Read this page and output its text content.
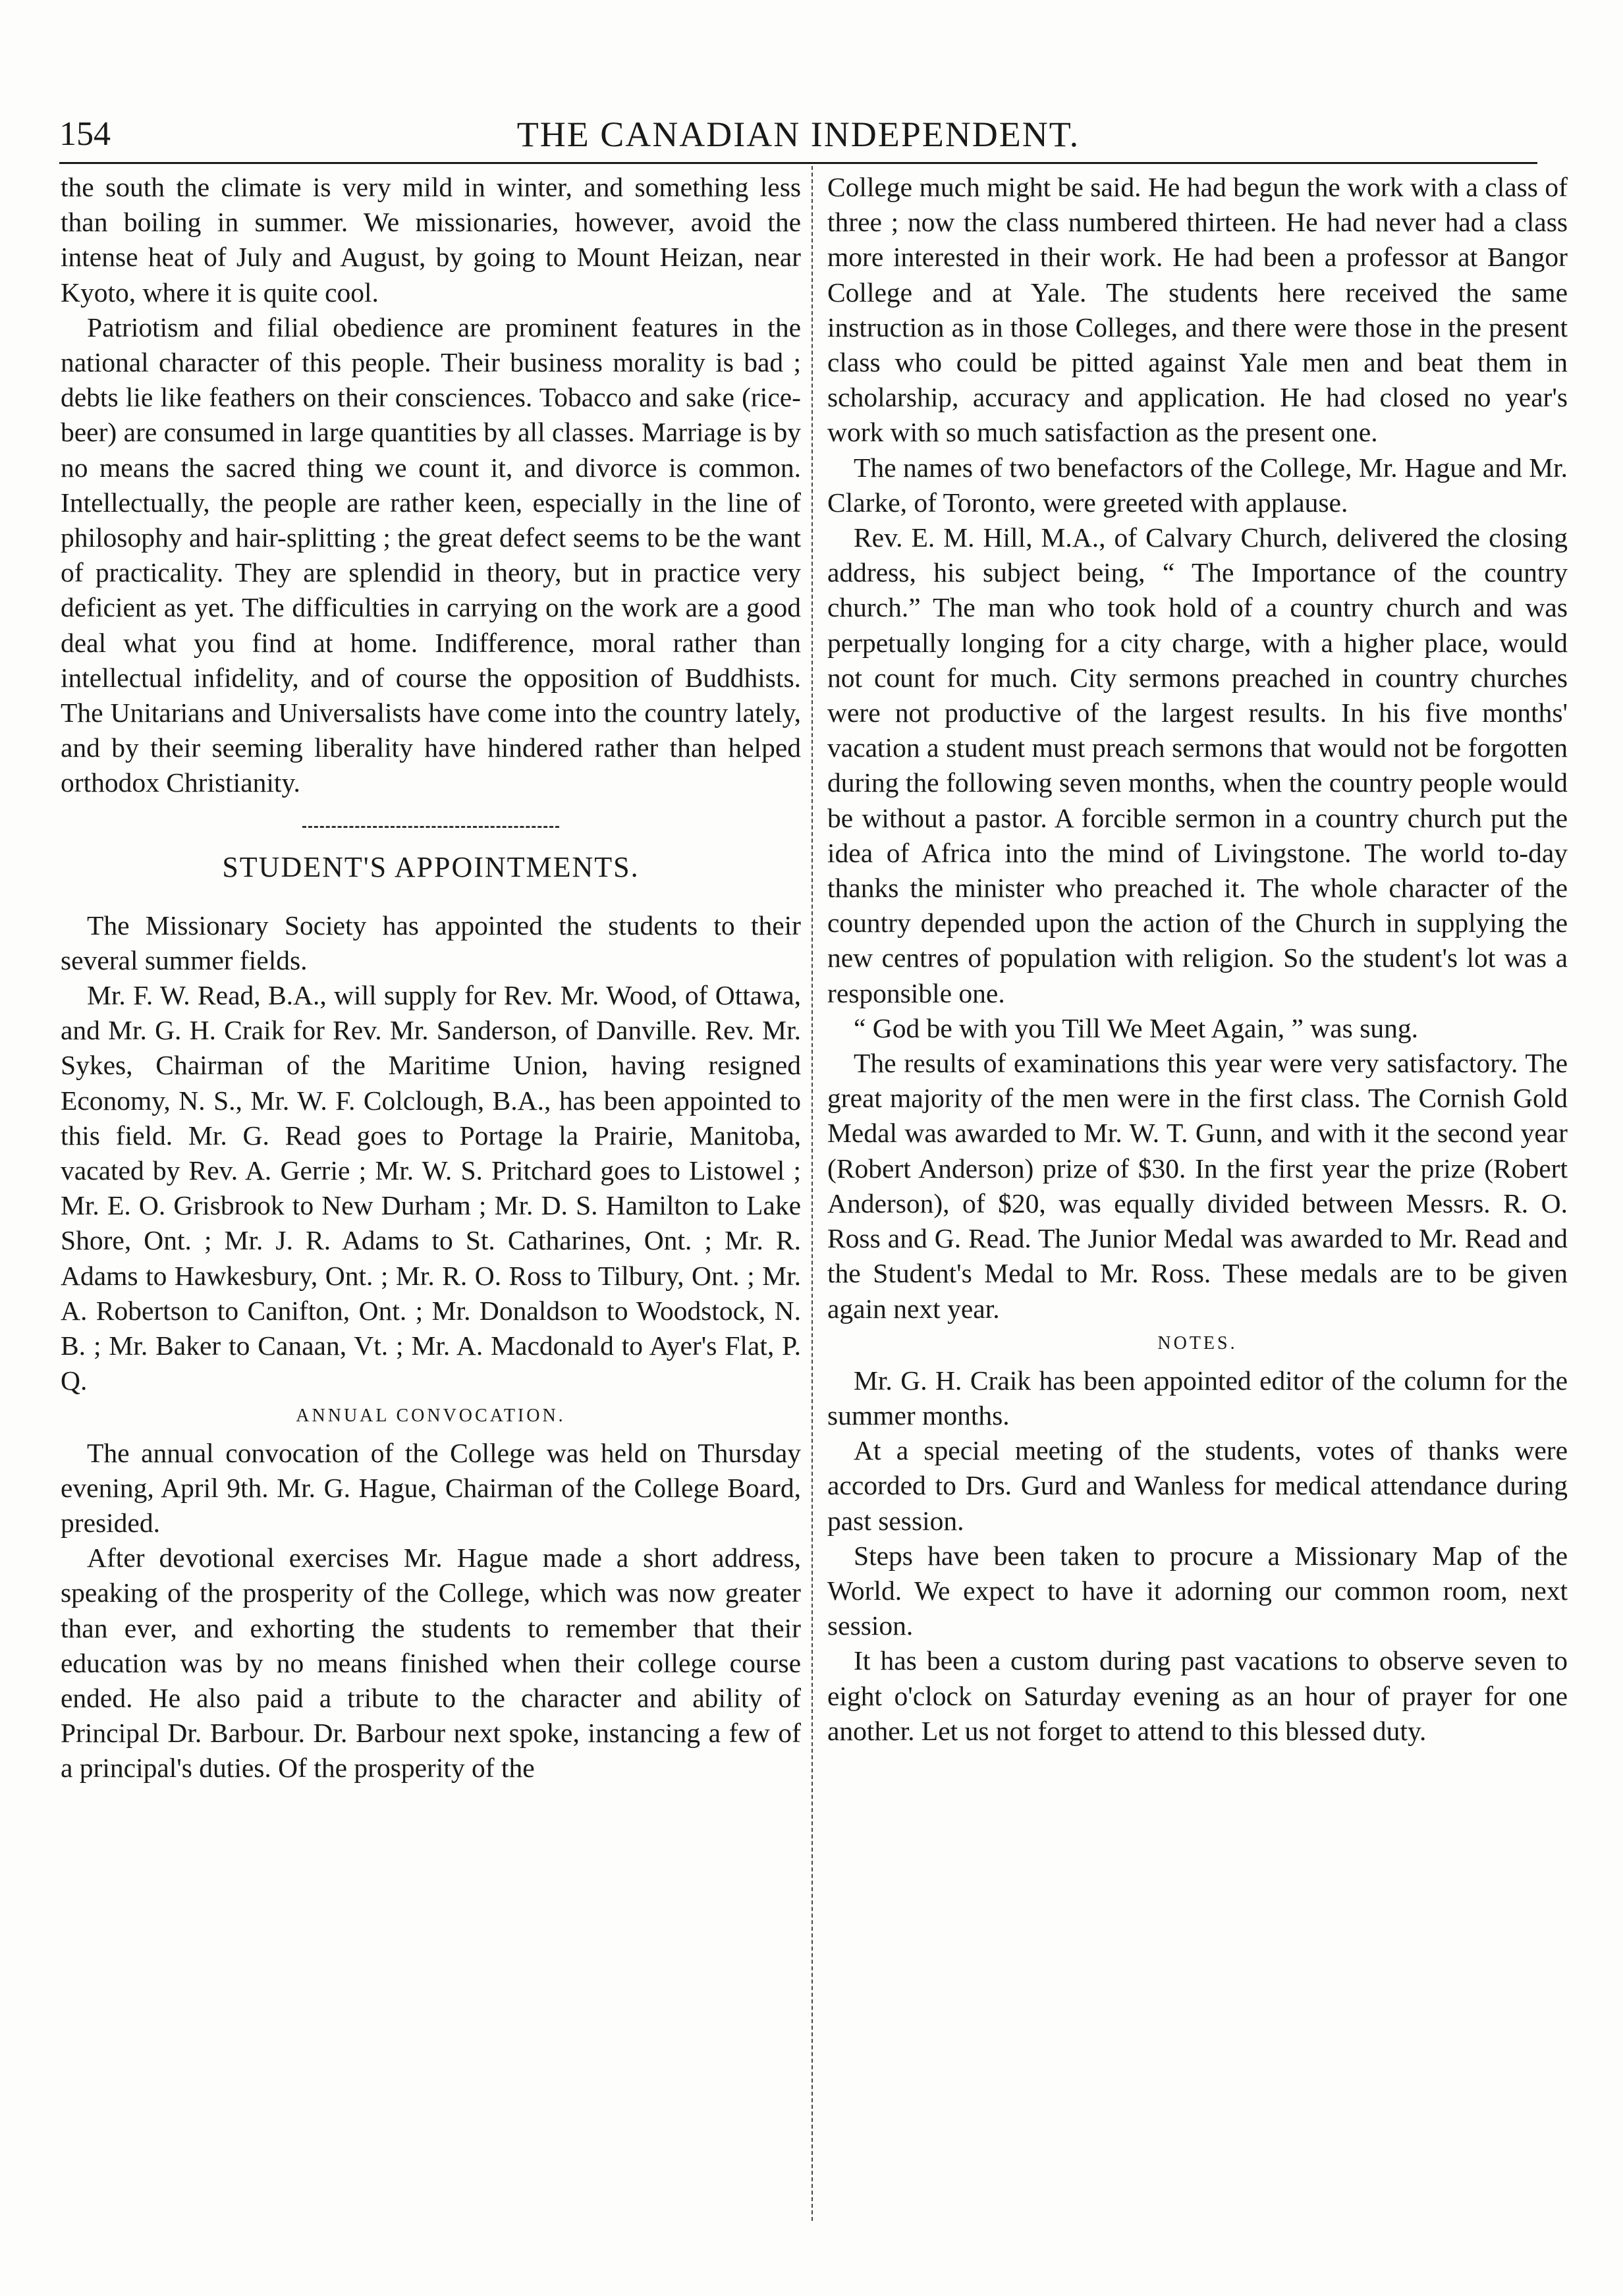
154	THE CANADIAN INDEPENDENT.

the south the climate is very mild in winter, and something less than boiling in summer. We missionaries, however, avoid the intense heat of July and August, by going to Mount Heizan, near Kyoto, where it is quite cool.

Patriotism and filial obedience are prominent features in the national character of this people. Their business morality is bad ; debts lie like feathers on their consciences. Tobacco and sake (rice-beer) are consumed in large quantities by all classes. Marriage is by no means the sacred thing we count it, and divorce is common. Intellectually, the people are rather keen, especially in the line of philosophy and hair-splitting ; the great defect seems to be the want of practicality. They are splendid in theory, but in practice very deficient as yet. The difficulties in carrying on the work are a good deal what you find at home. Indifference, moral rather than intellectual infidelity, and of course the opposition of Buddhists. The Unitarians and Universalists have come into the country lately, and by their seeming liberality have hindered rather than helped orthodox Christianity.

STUDENT'S APPOINTMENTS.

The Missionary Society has appointed the students to their several summer fields.

Mr. F. W. Read, B.A., will supply for Rev. Mr. Wood, of Ottawa, and Mr. G. H. Craik for Rev. Mr. Sanderson, of Danville. Rev. Mr. Sykes, Chairman of the Maritime Union, having resigned Economy, N. S., Mr. W. F. Colclough, B.A., has been appointed to this field. Mr. G. Read goes to Portage la Prairie, Manitoba, vacated by Rev. A. Gerrie ; Mr. W. S. Pritchard goes to Listowel ; Mr. E. O. Grisbrook to New Durham ; Mr. D. S. Hamilton to Lake Shore, Ont. ; Mr. J. R. Adams to St. Catharines, Ont. ; Mr. R. Adams to Hawkesbury, Ont. ; Mr. R. O. Ross to Tilbury, Ont. ; Mr. A. Robertson to Canifton, Ont. ; Mr. Donaldson to Woodstock, N. B. ; Mr. Baker to Canaan, Vt. ; Mr. A. Macdonald to Ayer's Flat, P. Q.

ANNUAL CONVOCATION.

The annual convocation of the College was held on Thursday evening, April 9th. Mr. G. Hague, Chairman of the College Board, presided.

After devotional exercises Mr. Hague made a short address, speaking of the prosperity of the College, which was now greater than ever, and exhorting the students to remember that their education was by no means finished when their college course ended. He also paid a tribute to the character and ability of Principal Dr. Barbour. Dr. Barbour next spoke, instancing a few of a principal's duties. Of the prosperity of the

College much might be said. He had begun the work with a class of three ; now the class numbered thirteen. He had never had a class more interested in their work. He had been a professor at Bangor College and at Yale. The students here received the same instruction as in those Colleges, and there were those in the present class who could be pitted against Yale men and beat them in scholarship, accuracy and application. He had closed no year's work with so much satisfaction as the present one.

The names of two benefactors of the College, Mr. Hague and Mr. Clarke, of Toronto, were greeted with applause.

Rev. E. M. Hill, M.A., of Calvary Church, delivered the closing address, his subject being, “ The Importance of the country church.” The man who took hold of a country church and was perpetually longing for a city charge, with a higher place, would not count for much. City sermons preached in country churches were not productive of the largest results. In his five months' vacation a student must preach sermons that would not be forgotten during the following seven months, when the country people would be without a pastor. A forcible sermon in a country church put the idea of Africa into the mind of Livingstone. The world to-day thanks the minister who preached it. The whole character of the country depended upon the action of the Church in supplying the new centres of population with religion. So the student's lot was a responsible one.

“ God be with you Till We Meet Again, ” was sung.

The results of examinations this year were very satisfactory. The great majority of the men were in the first class. The Cornish Gold Medal was awarded to Mr. W. T. Gunn, and with it the second year (Robert Anderson) prize of $30. In the first year the prize (Robert Anderson), of $20, was equally divided between Messrs. R. O. Ross and G. Read. The Junior Medal was awarded to Mr. Read and the Student's Medal to Mr. Ross. These medals are to be given again next year.

NOTES.

Mr. G. H. Craik has been appointed editor of the column for the summer months.

At a special meeting of the students, votes of thanks were accorded to Drs. Gurd and Wanless for medical attendance during past session.

Steps have been taken to procure a Missionary Map of the World. We expect to have it adorning our common room, next session.

It has been a custom during past vacations to observe seven to eight o'clock on Saturday evening as an hour of prayer for one another. Let us not forget to attend to this blessed duty.
